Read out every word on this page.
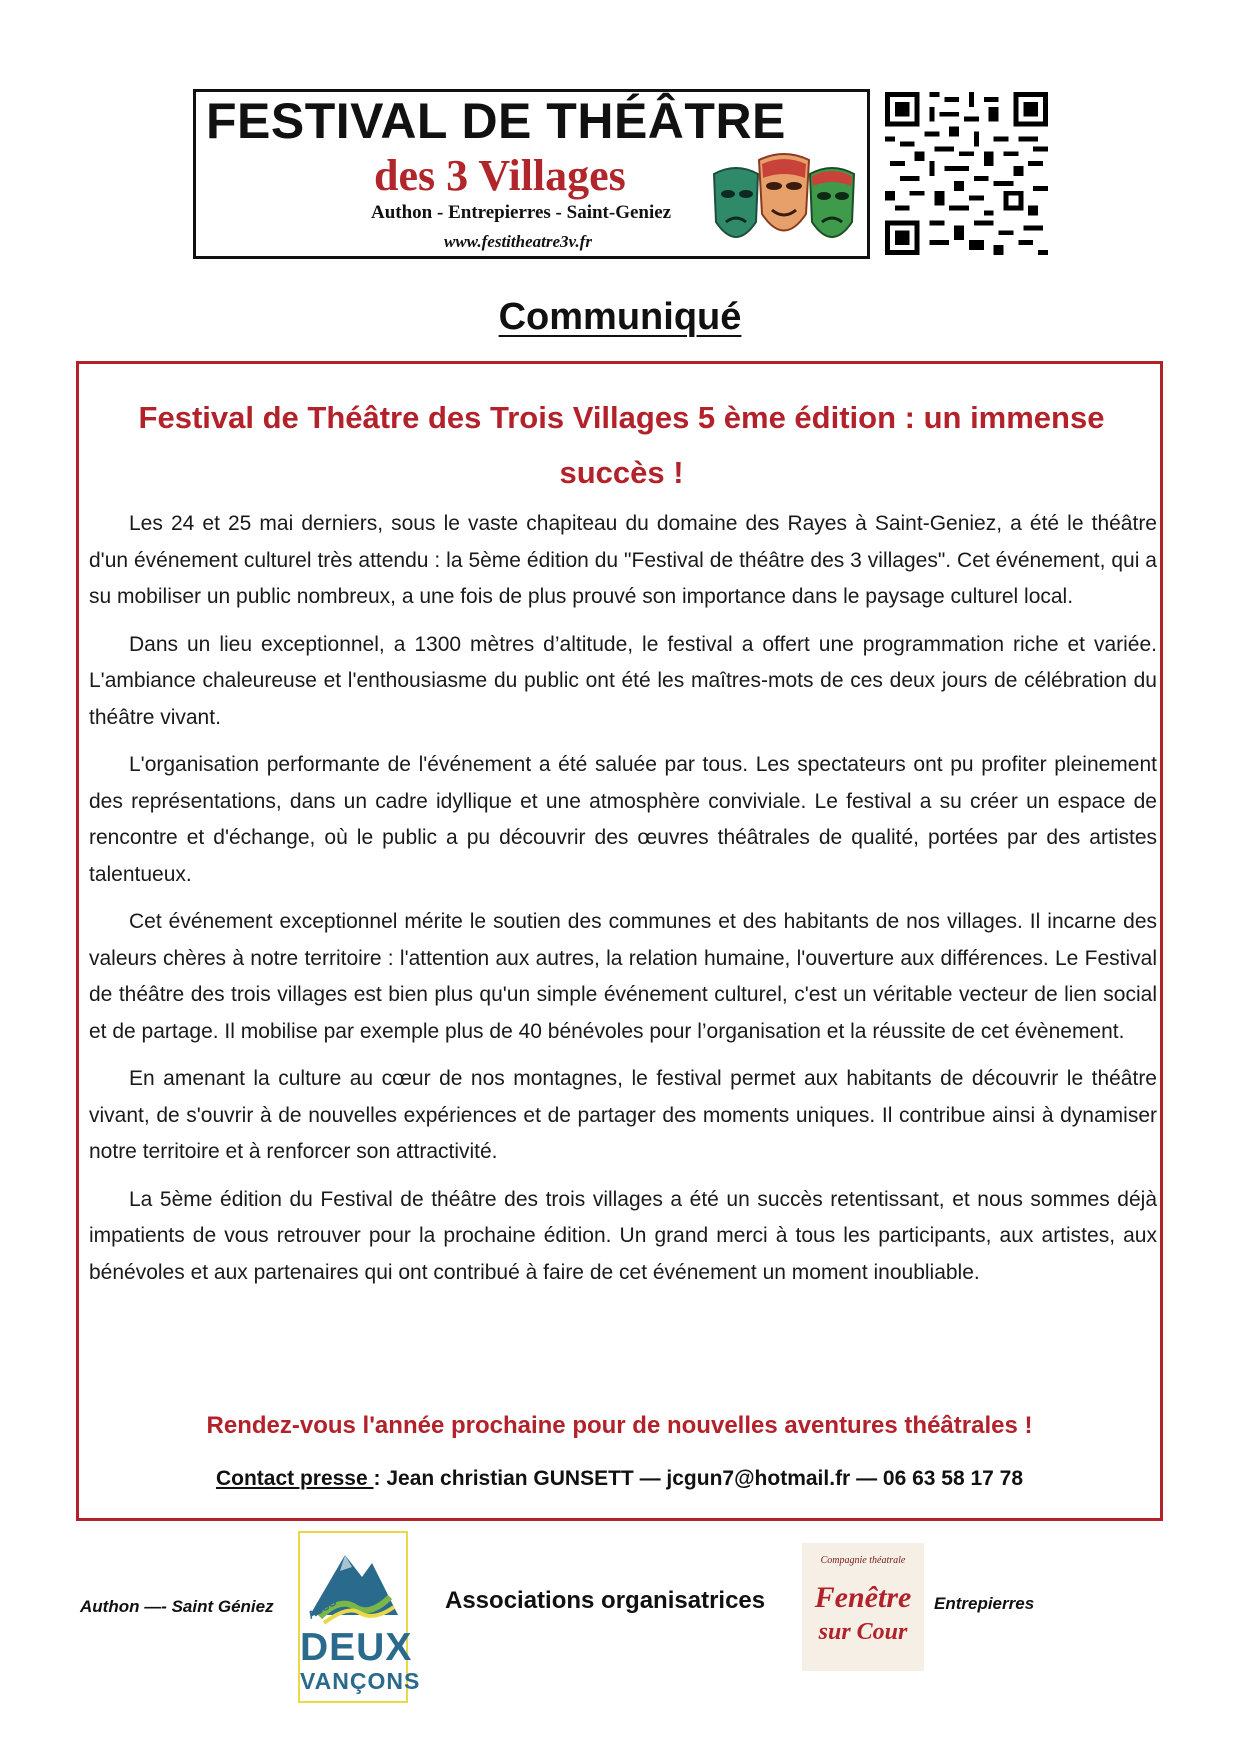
FESTIVAL DE THÉÂTRE
des 3 Villages
Authon - Entrepierres - Saint-Geniez
www.festitheatre3v.fr
Communiqué
Festival de Théâtre des Trois Villages 5 ème édition : un immense succès !

Les 24 et 25 mai derniers, sous le vaste chapiteau du domaine des Rayes à Saint-Geniez, a été le théâtre d'un événement culturel très attendu : la 5ème édition du "Festival de théâtre des 3 villages". Cet événement, qui a su mobiliser un public nombreux, a une fois de plus prouvé son importance dans le paysage culturel local.

Dans un lieu exceptionnel, a 1300 mètres d’altitude, le festival a offert une programmation riche et variée. L'ambiance chaleureuse et l'enthousiasme du public ont été les maîtres-mots de ces deux jours de célébration du théâtre vivant.

L'organisation performante de l'événement a été saluée par tous. Les spectateurs ont pu profiter pleinement des représentations, dans un cadre idyllique et une atmosphère conviviale. Le festival a su créer un espace de rencontre et d'échange, où le public a pu découvrir des œuvres théâtrales de qualité, portées par des artistes talentueux.

Cet événement exceptionnel mérite le soutien des communes et des habitants de nos villages. Il incarne des valeurs chères à notre territoire : l'attention aux autres, la relation humaine, l'ouverture aux différences. Le Festival de théâtre des trois villages est bien plus qu'un simple événement culturel, c'est un véritable vecteur de lien social et de partage. Il mobilise par exemple plus de 40 bénévoles pour l’organisation et la réussite de cet évènement.

En amenant la culture au cœur de nos montagnes, le festival permet aux habitants de découvrir le théâtre vivant, de s'ouvrir à de nouvelles expériences et de partager des moments uniques. Il contribue ainsi à dynamiser notre territoire et à renforcer son attractivité.

La 5ème édition du Festival de théâtre des trois villages a été un succès retentissant, et nous sommes déjà impatients de vous retrouver pour la prochaine édition. Un grand merci à tous les participants, aux artistes, aux bénévoles et aux partenaires qui ont contribué à faire de cet événement un moment inoubliable.

Rendez-vous l'année prochaine pour de nouvelles aventures théâtrales !
Contact presse : Jean christian GUNSETT — jcgun7@hotmail.fr — 06 63 58 17 78
Authon —- Saint Géniez	ASSO
DEUX
VANÇONS
Associations organisatrices
Compagnie théatrale
Fenêtre
sur Cour
Entrepierres
